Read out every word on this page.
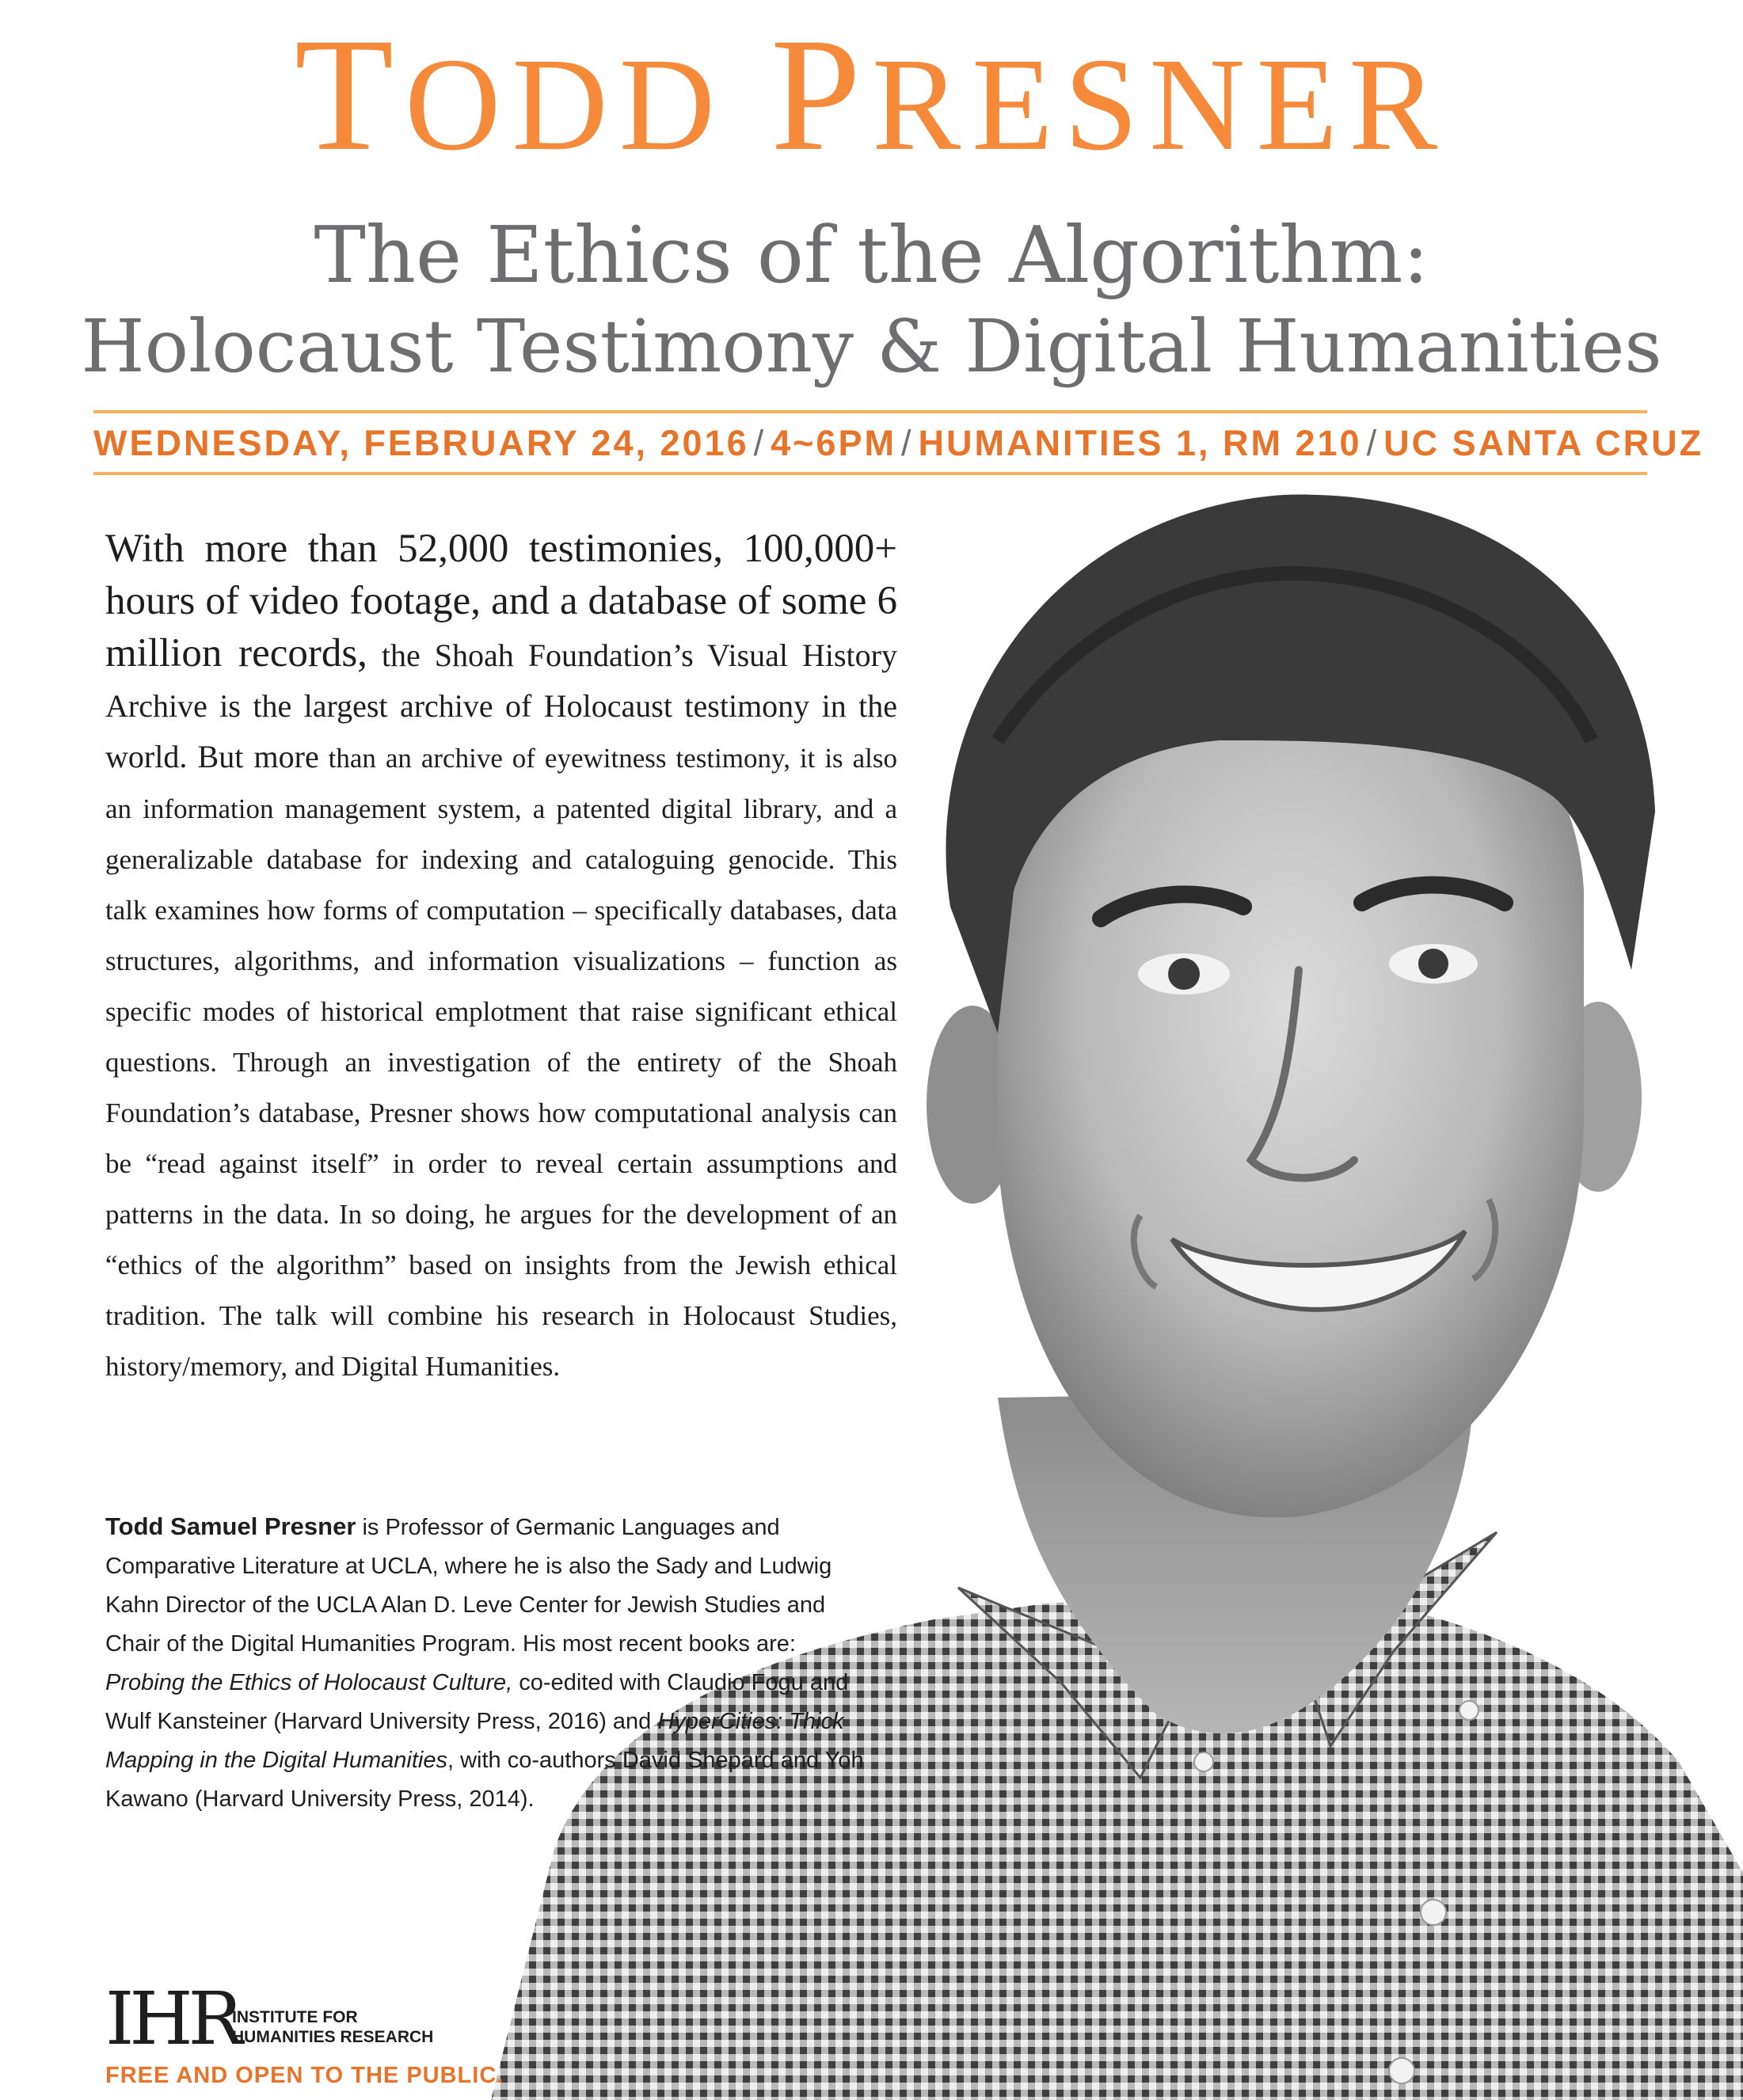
TODD PRESNER
The Ethics of the Algorithm:
Holocaust Testimony & Digital Humanities
WEDNESDAY, FEBRUARY 24, 2016 / 4~6PM / HUMANITIES 1, RM 210 / UC SANTA CRUZ
With more than 52,000 testimonies, 100,000+ hours of video footage, and a database of some 6 million records, the Shoah Foundation’s Visual History Archive is the largest archive of Holocaust testimony in the world. But more than an archive of eyewitness testimony, it is also an information management system, a patented digital library, and a generalizable database for indexing and cataloguing genocide. This talk examines how forms of computation – specifically databases, data structures, algorithms, and information visualizations – function as specific modes of historical emplotment that raise significant ethical questions. Through an investigation of the entirety of the Shoah Foundation’s database, Presner shows how computational analysis can be “read against itself” in order to reveal certain assumptions and patterns in the data. In so doing, he argues for the development of an “ethics of the algorithm” based on insights from the Jewish ethical tradition. The talk will combine his research in Holocaust Studies, history/memory, and Digital Humanities.
Todd Samuel Presner is Professor of Germanic Languages and Comparative Literature at UCLA, where he is also the Sady and Ludwig Kahn Director of the UCLA Alan D. Leve Center for Jewish Studies and Chair of the Digital Humanities Program. His most recent books are: Probing the Ethics of Holocaust Culture, co-edited with Claudio Fogu and Wulf Kansteiner (Harvard University Press, 2016) and HyperCities: Thick Mapping in the Digital Humanities, with co-authors David Shepard and Yoh Kawano (Harvard University Press, 2014).
IHR
INSTITUTE FOR
HUMANITIES RESEARCH
FREE AND OPEN TO THE PUBLIC.
